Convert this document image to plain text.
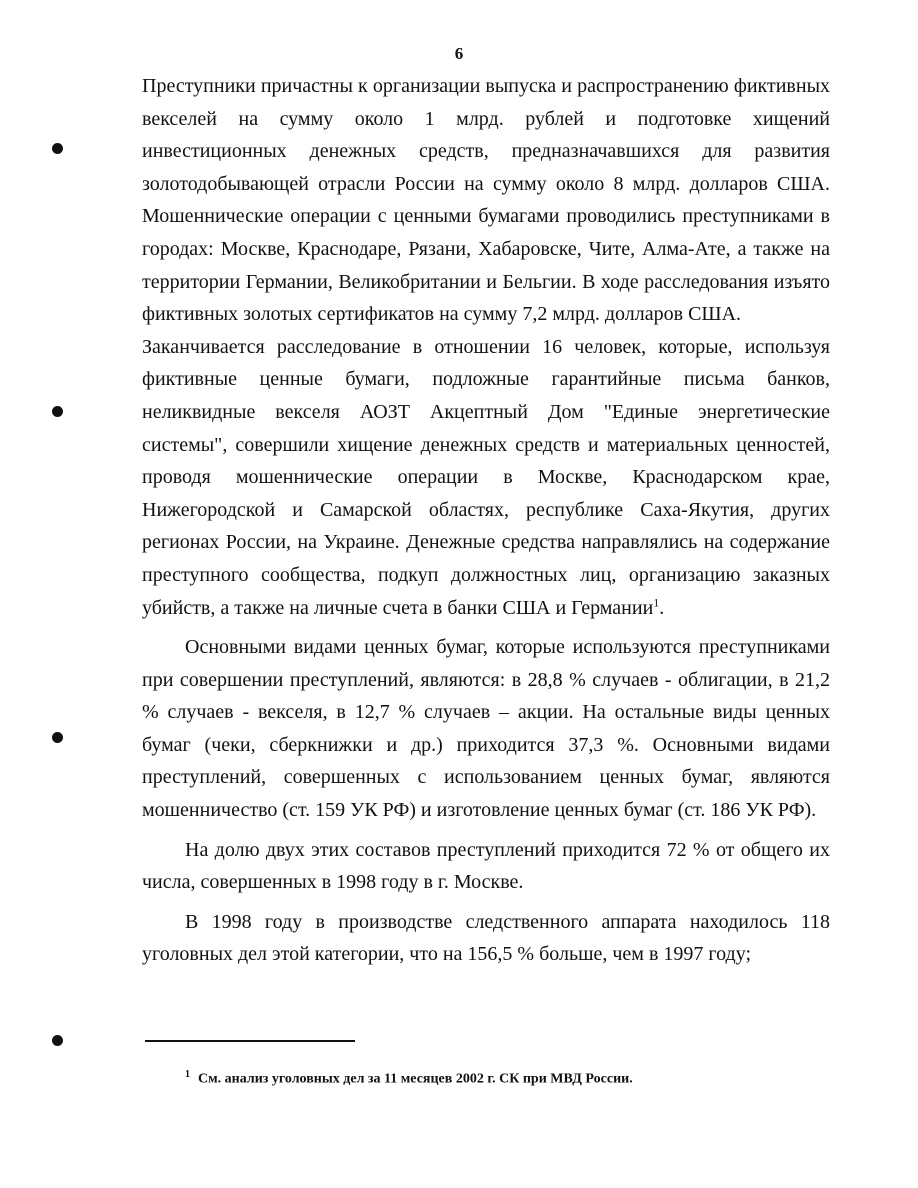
6

Преступники причастны к организации выпуска и распространению фиктивных векселей на сумму около 1 млрд. рублей и подготовке хищений инвестиционных денежных средств, предназначавшихся для развития золотодобывающей отрасли России на сумму около 8 млрд. долларов США. Мошеннические операции с ценными бумагами проводились преступниками в городах: Москве, Краснодаре, Рязани, Хабаровске, Чите, Алма-Ате, а также на территории Германии, Великобритании и Бельгии. В ходе расследования изъято фиктивных золотых сертификатов на сумму 7,2 млрд. долларов США.

Заканчивается расследование в отношении 16 человек, которые, используя фиктивные ценные бумаги, подложные гарантийные письма банков, неликвидные векселя АОЗТ Акцептный Дом "Единые энергетические системы", совершили хищение денежных средств и материальных ценностей, проводя мошеннические операции в Москве, Краснодарском крае, Нижегородской и Самарской областях, республике Саха-Якутия, других регионах России, на Украине. Денежные средства направлялись на содержание преступного сообщества, подкуп должностных лиц, организацию заказных убийств, а также на личные счета в банки США и Германии$^1$.

Основными видами ценных бумаг, которые используются преступниками при совершении преступлений, являются: в 28,8 % случаев - облигации, в 21,2 % случаев - векселя, в 12,7 % случаев – акции. На остальные виды ценных бумаг (чеки, сберкнижки и др.) приходится 37,3 %. Основными видами преступлений, совершенных с использованием ценных бумаг, являются мошенничество (ст. 159 УК РФ) и изготовление ценных бумаг (ст. 186 УК РФ).

На долю двух этих составов преступлений приходится 72 % от общего их числа, совершенных в 1998 году в г. Москве.

В 1998 году в производстве следственного аппарата находилось 118 уголовных дел этой категории, что на 156,5 % больше, чем в 1997 году;

$^1$ См. анализ уголовных дел за 11 месяцев 2002 г. СК при МВД России.
